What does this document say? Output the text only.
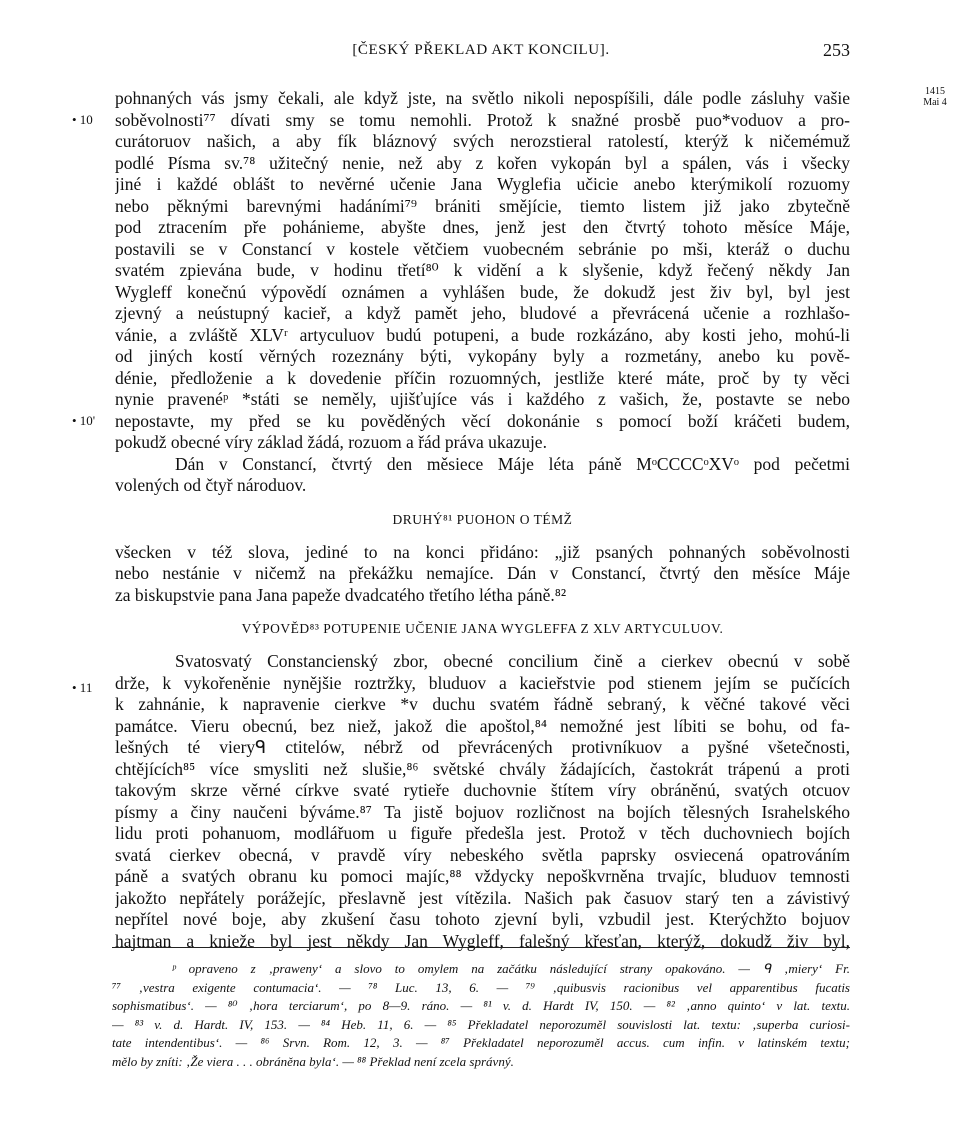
[ČESKÝ PŘEKLAD AKT KONCILU].	253
1415
Mai 4
• 10
• 10'
• 11
pohnaných vás jsmy čekali, ale když jste, na světlo nikoli nepospíšili, dále podle zásluhy vašie
soběvolnosti⁷⁷ dívati smy se tomu nemohli. Protož k snažné prosbě puo*voduov a pro-
curátoruov našich, a aby fík bláznový svých nerozstieral ratolestí, kterýž k ničemémuž
podlé Písma sv.⁷⁸ užitečný nenie, než aby z kořen vykopán byl a spálen, vás i všecky
jiné i každé oblášt to nevěrné učenie Jana Wyglefia učicie anebo kterýmikolí rozuomy
nebo pěknými barevnými hadáními⁷⁹ brániti smějície, tiemto listem již jako zbytečně
pod ztracením pře pohánieme, abyšte dnes, jenž jest den čtvrtý tohoto měsíce Máje,
postavili se v Constancí v kostele větčiem vuobecném sebránie po mši, kteráž o duchu
svatém zpievána bude, v hodinu třetí⁸⁰ k vidění a k slyšenie, když řečený někdy Jan
Wygleff konečnú výpovědí oznámen a vyhlášen bude, že dokudž jest živ byl, byl jest
zjevný a neústupný kacieř, a když pamět jeho, bludové a převrácená učenie a rozhlašo-
vánie, a zvláště XLVʳ artyculuov budú potupeni, a bude rozkázáno, aby kosti jeho, mohú-li
od jiných kostí věrných rozeznány býti, vykopány byly a rozmetány, anebo ku pově-
dénie, předloženie a k dovedenie příčin rozuomných, jestliže které máte, proč by ty věci
nynie pravenéᵖ *státi se neměly, ujišťujíce vás i každého z vašich, že, postavte se nebo
nepostavte, my před se ku pověděných věcí dokonánie s pomocí boží kráčeti budem,
pokudž obecné víry základ žádá, rozuom a řád práva ukazuje.
Dán v Constancí, čtvrtý den měsiece Máje léta páně MᵒCCCCᵒXVᵒ pod pečetmi
volených od čtyř národuov.
DRUHÝ⁸¹ PUOHON O TÉMŽ
všecken v též slova, jediné to na konci přidáno: „již psaných pohnaných soběvolnosti
nebo nestánie v ničemž na překážku nemajíce. Dán v Constancí, čtvrtý den měsíce Máje
za biskupstvie pana Jana papeže dvadcatého třetího létha páně.⁸²
VÝPOVĚD⁸³ POTUPENIE UČENIE JANA WYGLEFFA Z XLV ARTYCULUOV.
Svatosvatý Constancienský zbor, obecné concilium čině a cierkev obecnú v sobě
drže, k vykořeněnie nynějšie roztržky, bluduov a kacieřstvie pod stienem jejím se pučících
k zahnánie, k napravenie cierkve *v duchu svatém řádně sebraný, k věčné takové věci
památce. Vieru obecnú, bez niež, jakož die apoštol,⁸⁴ nemožné jest líbiti se bohu, od fa-
lešných té vieryᑫ ctitelów, nébrž od převrácených protivníkuov a pyšné všetečnosti,
chtějících⁸⁵ více smysliti než slušie,⁸⁶ světské chvály žádajících, častokrát trápenú a proti
takovým skrze věrné církve svaté rytieře duchovnie štítem víry obráněnú, svatých otcuov
písmy a činy naučeni býváme.⁸⁷ Ta jistě bojuov rozličnost na bojích tělesných Israhelského
lidu proti pohanuom, modlářuom u figuře předešla jest. Protož v těch duchovniech bojích
svatá cierkev obecná, v pravdě víry nebeského světla paprsky osviecená opatrováním
páně a svatých obranu ku pomoci majíc,⁸⁸ vždycky nepoškvrněna trvajíc, bluduov temnosti
jakožto nepřátely porážejíc, přeslavně jest vítězila. Našich pak časuov starý ten a závistivý
nepřítel nové boje, aby zkušení času tohoto zjevní byli, vzbudil jest. Kterýchžto bojuov
hajtman a knieže byl jest někdy Jan Wygleff, falešný křesťan, kterýž, dokudž živ byl,
ᵖ opraveno z ‚praweny‘ a slovo to omylem na začátku následující strany opakováno. — ᑫ ‚miery‘ Fr.
⁷⁷ ‚vestra exigente contumacia‘. — ⁷⁸ Luc. 13, 6. — ⁷⁹ ‚quibusvis racionibus vel apparentibus fucatis
sophismatibus‘. — ⁸⁰ ‚hora terciarum‘, po 8—9. ráno. — ⁸¹ v. d. Hardt IV, 150. — ⁸² ‚anno quinto‘ v lat. textu.
— ⁸³ v. d. Hardt. IV, 153. — ⁸⁴ Heb. 11, 6. — ⁸⁵ Překladatel neporozuměl souvislosti lat. textu: ‚superba curiosi-
tate intendentibus‘. — ⁸⁶ Srvn. Rom. 12, 3. — ⁸⁷ Překladatel neporozuměl accus. cum infin. v latinském textu;
mělo by zníti: ‚Že viera . . . obráněna byla‘. — ⁸⁸ Překlad není zcela správný.
